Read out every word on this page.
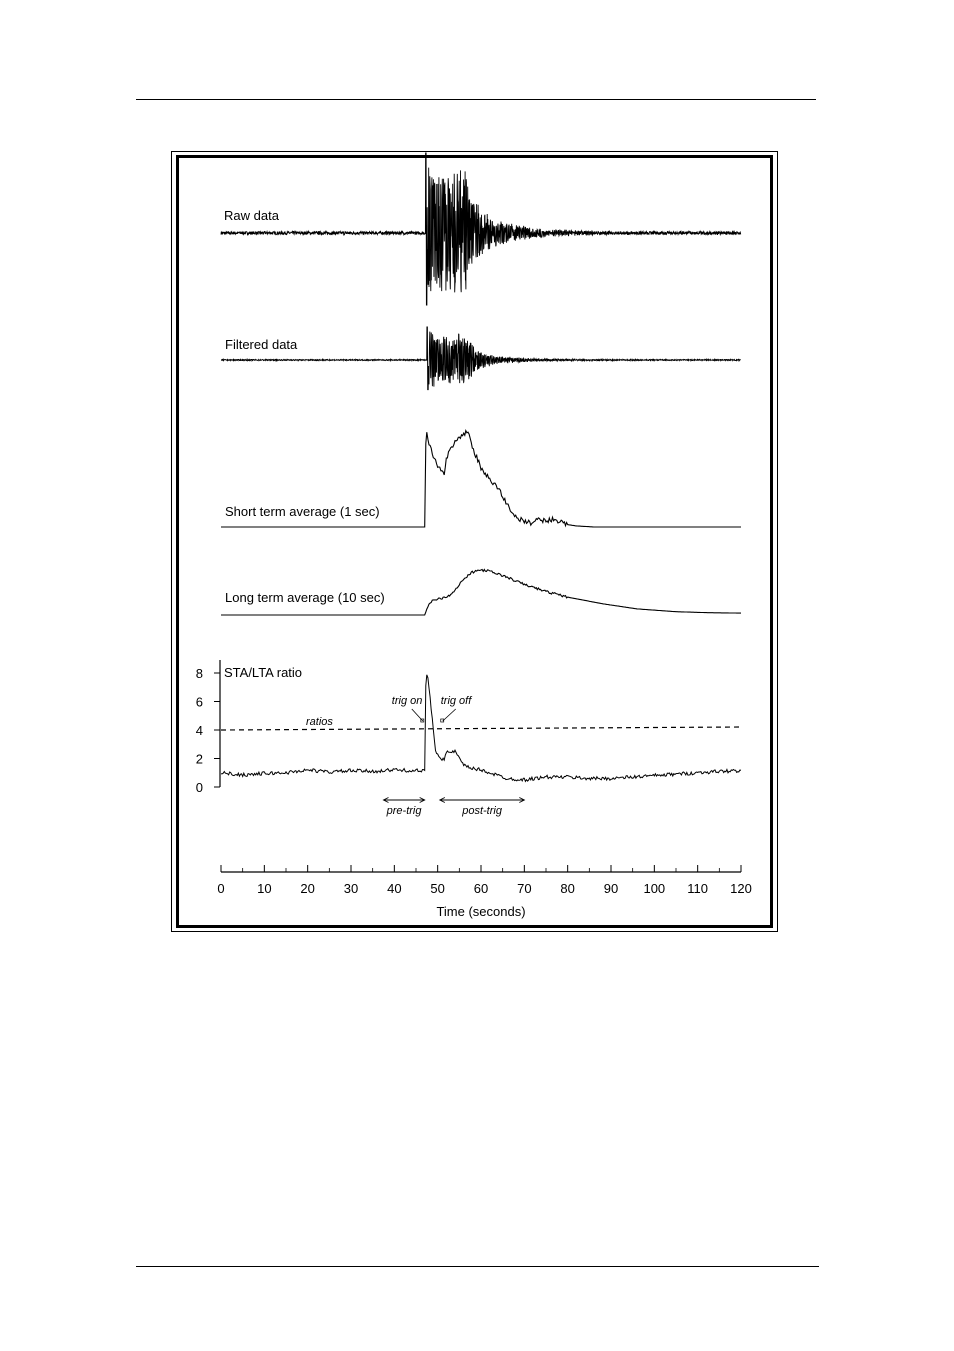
Raw data
Filtered data
Short term average (1 sec)
Long term average (10 sec)
0
2
4
6
8 STA/LTA ratio
0 10 20 30 40 50 60 70 80 90 100 110 120
ratios
trig on trig off
pre-trig	post-trig
Time (seconds)
